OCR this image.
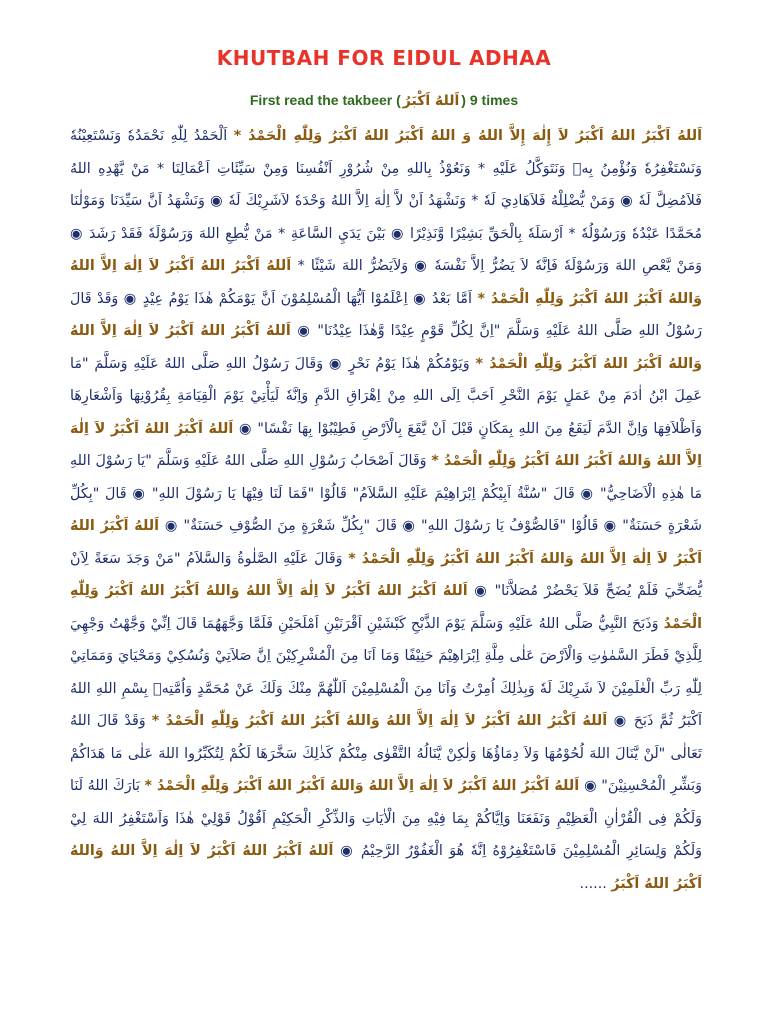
KHUTBAH FOR EIDUL ADHAA
First read the takbeer ( اَللهُ اَكْبَرُ ) 9 times
اَللهُ اَكْبَرُ اللهُ اَكْبَرُ لاَ إِلٰهَ إِلاَّ اللهُ وَ اللهُ اَكْبَرُ اللهُ اَكْبَرُ وَلِلّٰهِ الْحَمْدُ *اَلْحَمْدُ لِلّٰهِ نَحْمَدُهٗ وَنَسْتَعِيْنُهٗ وَنَسْتَغْفِرُهٗ وَنُؤْمِنُ بِهٖ وَنَتَوَكَّلُ عَلَيْهِ * وَنَعُوْذُ بِاللهِ مِنْ شُرُوْرِ اَنْفُسِنَا وَمِنْ سَيِّئَاتِ اَعْمَالِنَا * مَنْ يَّهْدِهِ اللهُ فَلاَمُضِلَّ لَهٗ ◉ وَمَنْ يُّضْلِلْهُ فَلاَهَادِيَ لَهٗ * وَنَشْهَدُ اَنْ لاَّ اِلٰهَ اِلاَّ اللهُ وَحْدَهٗ لاَشَرِيْكَ لَهٗ ◉ وَنَشْهَدُ اَنَّ سَيِّدَنَا وَمَوْلٰنَا مُحَمَّدًا عَبْدُهٗ وَرَسُوْلُهٗ * اَرْسَلَهٗ بِالْحَقِّ بَشِيْرًا وَّنَذِيْرًا ◉ بَيْنَ يَدَيِ السَّاعَةِ * مَنْ يُّطِعِ اللهَ وَرَسُوْلَهٗ فَقَدْ رَشَدَ ◉ وَمَنْ يَّعْصِ اللهَ وَرَسُوْلَهٗ فَاِنَّهٗ لاَ يَضُرُّ اِلاَّ نَفْسَهٗ ◉ وَلاَيَضُرُّ اللهَ شَيْئًا *اَللهُ اَكْبَرُ اللهُ اَكْبَرُ لاَ اِلٰهَ اِلاَّ اللهُ وَاللهُ اَكْبَرُ اللهُ اَكْبَرُ وَلِلّٰهِ الْحَمْدُ *اَمَّا بَعْدُ ◉ اِعْلَمُوْا اَيُّهَا الْمُسْلِمُوْنَ اَنَّ يَوْمَكُمْ هٰذَا يَوْمُ عِيْدٍ ◉ وَقَدْ قَالَ رَسُوْلُ اللهِ صَلَّى اللهُ عَلَيْهِ وَسَلَّمَ "اِنَّ لِكُلِّ قَوْمٍ عِيْدًا وَّهٰذَا عِيْدُنَا" ◉اَللهُ اَكْبَرُ اللهُ اَكْبَرُ لاَ اِلٰهَ اِلاَّ اللهُ وَاللهُ اَكْبَرُ اللهُ اَكْبَرُ وَلِلّٰهِ الْحَمْدُ *وَيَوْمُكُمْ هٰذَا يَوْمُ نَحْرٍ ◉ وَقَالَ رَسُوْلُ اللهِ صَلَّى اللهُ عَلَيْهِ وَسَلَّمَ "مَا عَمِلَ ابْنُ اٰدَمَ مِنْ عَمَلٍ يَوْمَ النَّحْرِ اَحَبَّ اِلَى اللهِ مِنْ اِهْرَاقِ الدَّمِ وَاِنَّهٗ لَيَأْتِيْ يَوْمَ الْقِيَامَةِ بِقُرُوْنِهَا وَاَشْعَارِهَا وَاَظْلاَفِهَا وَاِنَّ الدَّمَ لَيَقَعُ مِنَ اللهِ بِمَكَانٍ قَبْلَ اَنْ يَّقَعَ بِالْاَرْضِ فَطِيْبُوْا بِهَا نَفْسًا" ◉اَللهُ اَكْبَرُ اللهُ اَكْبَرُ لاَ اِلٰهَ اِلاَّ اللهُ وَاللهُ اَكْبَرُ اللهُ اَكْبَرُ وَلِلّٰهِ الْحَمْدُ *وَقَالَ اَصْحَابُ رَسُوْلِ اللهِ صَلَّى اللهُ عَلَيْهِ وَسَلَّمَ "يَا رَسُوْلَ اللهِ مَا هٰذِهِ الْاَضَاحِيُّ" ◉ قَالَ "سُنَّةُ اَبِيْكُمْ اِبْرَاهِيْمَ عَلَيْهِ السَّلاَمُ" قَالُوْا "فَمَا لَنَا فِيْهَا يَا رَسُوْلَ اللهِ" ◉ قَالَ "بِكُلِّ شَعْرَةٍ حَسَنَةٌ" ◉ قَالُوْا "فَالصُّوْفُ يَا رَسُوْلَ اللهِ" ◉ قَالَ "بِكُلِّ شَعْرَةٍ مِنَ الصُّوْفِ حَسَنَةٌ" ◉اَللهُ اَكْبَرُ اللهُ اَكْبَرُ لاَ اِلٰهَ اِلاَّ اللهُ وَاللهُ اَكْبَرُ اللهُ اَكْبَرُ وَلِلّٰهِ الْحَمْدُ *وَقَالَ عَلَيْهِ الصَّلٰوةُ وَالسَّلاَمُ "مَنْ وَجَدَ سَعَةً لِاَنْ يُّضَحِّيَ فَلَمْ يُضَحِّ فَلاَ يَحْضُرْ مُصَلاَّنَا" ◉اَللهُ اَكْبَرُ اللهُ اَكْبَرُ لاَ اِلٰهَ اِلاَّ اللهُ وَاللهُ اَكْبَرُ اللهُ اَكْبَرُ وَلِلّٰهِ الْحَمْدُوَذَبَحَ النَّبِيُّ صَلَّى اللهُ عَلَيْهِ وَسَلَّمَ يَوْمَ الذَّبْحِ كَبْشَيْنِ اَقْرَنَيْنِ اَمْلَحَيْنِ فَلَمَّا وَجَّهَهُمَا قَالَ اِنِّيْ وَجَّهْتُ وَجْهِيَ لِلَّذِيْ فَطَرَ السَّمٰوٰتِ وَالْاَرْضَ عَلٰى مِلَّةِ اِبْرَاهِيْمَ حَنِيْفًا وَمَا اَنَا مِنَ الْمُشْرِكِيْنَ اِنَّ صَلاَتِيْ وَنُسُكِيْ وَمَحْيَايَ وَمَمَاتِيْ لِلّٰهِ رَبِّ الْعٰلَمِيْنَ لاَ شَرِيْكَ لَهٗ وَبِذٰلِكَ اُمِرْتُ وَاَنَا مِنَ الْمُسْلِمِيْنَ اَللّٰهُمَّ مِنْكَ وَلَكَ عَنْ مُحَمَّدٍ وَاُمَّتِهٖ بِسْمِ اللهِ اللهُ اَكْبَرُ ثُمَّ ذَبَحَ ◉اَللهُ اَكْبَرُ اللهُ اَكْبَرُ لاَ اِلٰهَ اِلاَّ اللهُ وَاللهُ اَكْبَرُ اللهُ اَكْبَرُ وَلِلّٰهِ الْحَمْدُ *وَقَدْ قَالَ اللهُ تَعَالٰى "لَنْ يَّنَالَ اللهَ لُحُوْمُهَا وَلاَ دِمَاؤُهَا وَلٰكِنْ يَّنَالُهُ التَّقْوٰى مِنْكُمْ كَذٰلِكَ سَخَّرَهَا لَكُمْ لِتُكَبِّرُوا اللهَ عَلٰى مَا هَدَاكُمْ وَبَشِّرِ الْمُحْسِنِيْنَ" ◉اَللهُ اَكْبَرُ اللهُ اَكْبَرُ لاَ اِلٰهَ اِلاَّ اللهُ وَاللهُ اَكْبَرُ اللهُ اَكْبَرُ وَلِلّٰهِ الْحَمْدُ *بَارَكَ اللهُ لَنَا وَلَكُمْ فِى الْقُرْاٰنِ الْعَظِيْمِ وَنَفَعَنَا وَاِيَّاكُمْ بِمَا فِيْهِ مِنَ الْاٰيَاتِ وَالذِّكْرِ الْحَكِيْمِ اَقُوْلُ قَوْلِيْ هٰذَا وَاَسْتَغْفِرُ اللهَ لِيْ وَلَكُمْ وَلِسَائِرِ الْمُسْلِمِيْنَ فَاسْتَغْفِرُوْهُ اِنَّهٗ هُوَ الْغَفُوْرُ الرَّحِيْمُ ◉اَللهُ اَكْبَرُ اللهُ اَكْبَرُ لاَ اِلٰهَ اِلاَّ اللهُ وَاللهُ اَكْبَرُ اللهُ اَكْبَرُ......
